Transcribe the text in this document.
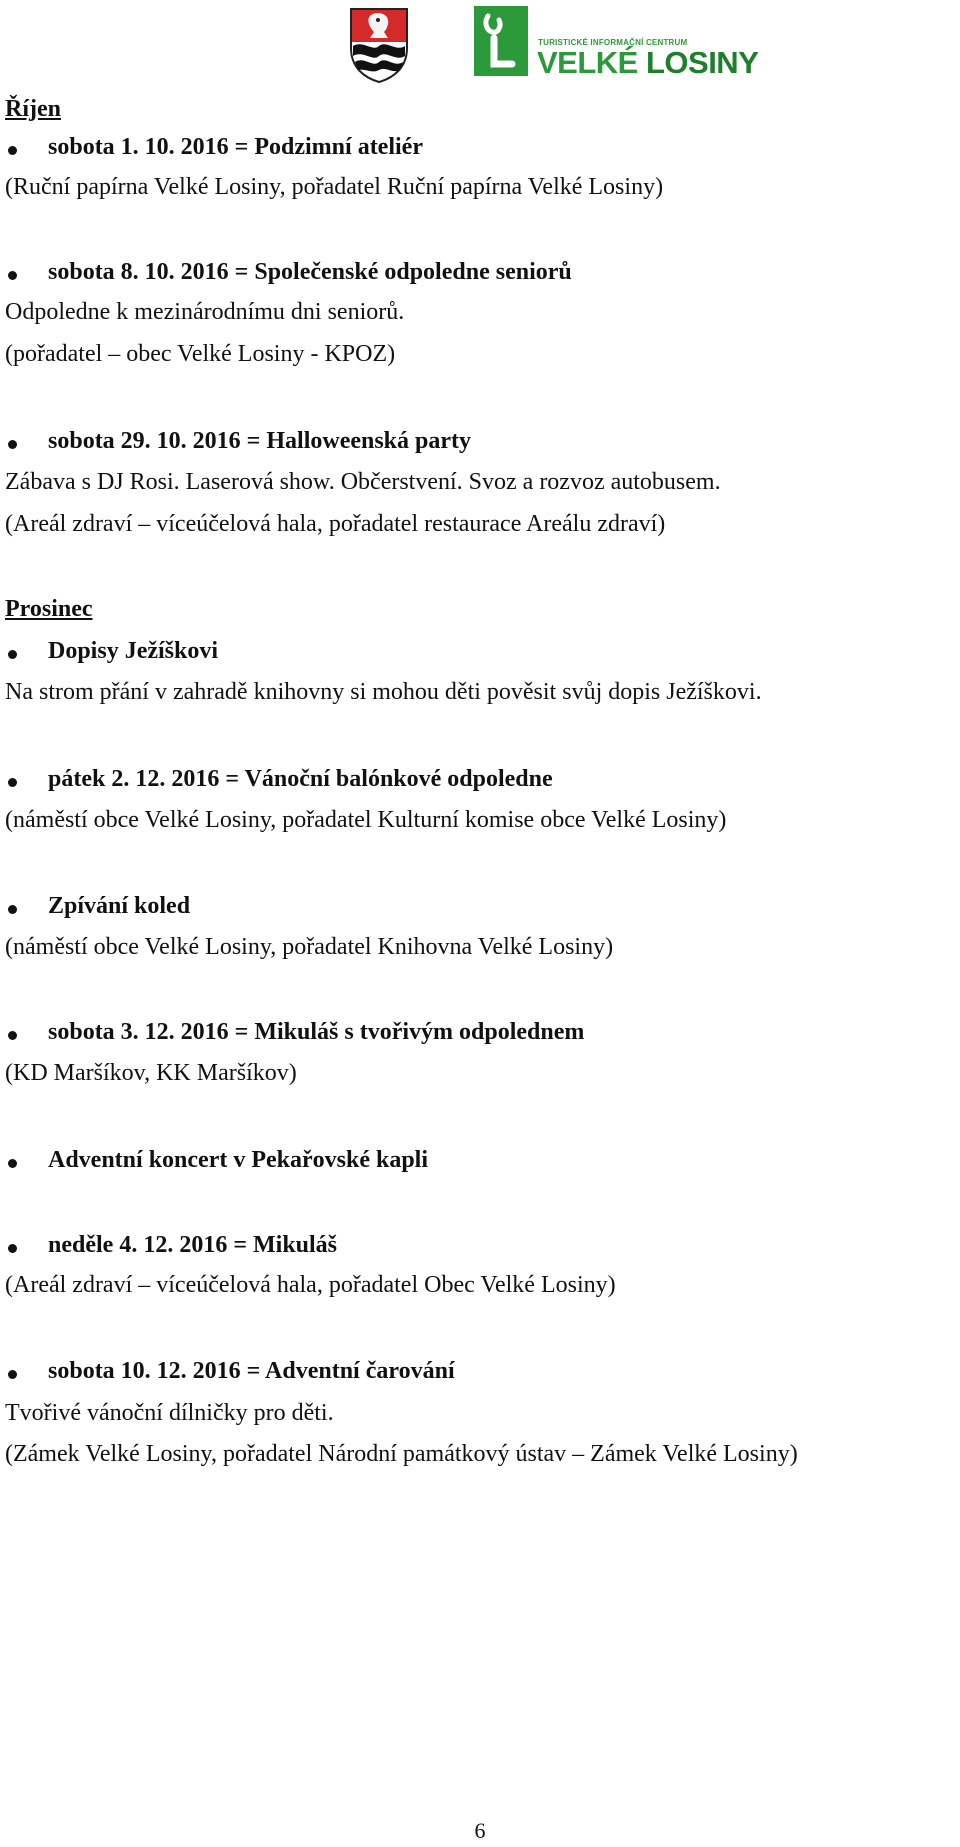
TURISTICKÉ INFORMAČNÍ CENTRUM
VELKÉ LOSINY
Říjen
sobota 1. 10. 2016 = Podzimní ateliér
(Ruční papírna Velké Losiny, pořadatel Ruční papírna Velké Losiny)
sobota 8. 10. 2016 = Společenské odpoledne seniorů
Odpoledne k mezinárodnímu dni seniorů.
(pořadatel – obec Velké Losiny - KPOZ)
sobota 29. 10. 2016 = Halloweenská party
Zábava s DJ Rosi. Laserová show. Občerstvení. Svoz a rozvoz autobusem.
(Areál zdraví – víceúčelová hala, pořadatel restaurace Areálu zdraví)
Prosinec
Dopisy Ježíškovi
Na strom přání v zahradě knihovny si mohou děti pověsit svůj dopis Ježíškovi.
pátek 2. 12. 2016 = Vánoční balónkové odpoledne
(náměstí obce Velké Losiny, pořadatel Kulturní komise obce Velké Losiny)
Zpívání koled
(náměstí obce Velké Losiny, pořadatel Knihovna Velké Losiny)
sobota 3. 12. 2016 = Mikuláš s tvořivým odpolednem
(KD Maršíkov, KK Maršíkov)
Adventní koncert v Pekařovské kapli
neděle 4. 12. 2016 = Mikuláš
(Areál zdraví – víceúčelová hala, pořadatel Obec Velké Losiny)
sobota 10. 12. 2016 = Adventní čarování
Tvořivé vánoční dílničky pro děti.
(Zámek Velké Losiny, pořadatel Národní památkový ústav – Zámek Velké Losiny)
6
